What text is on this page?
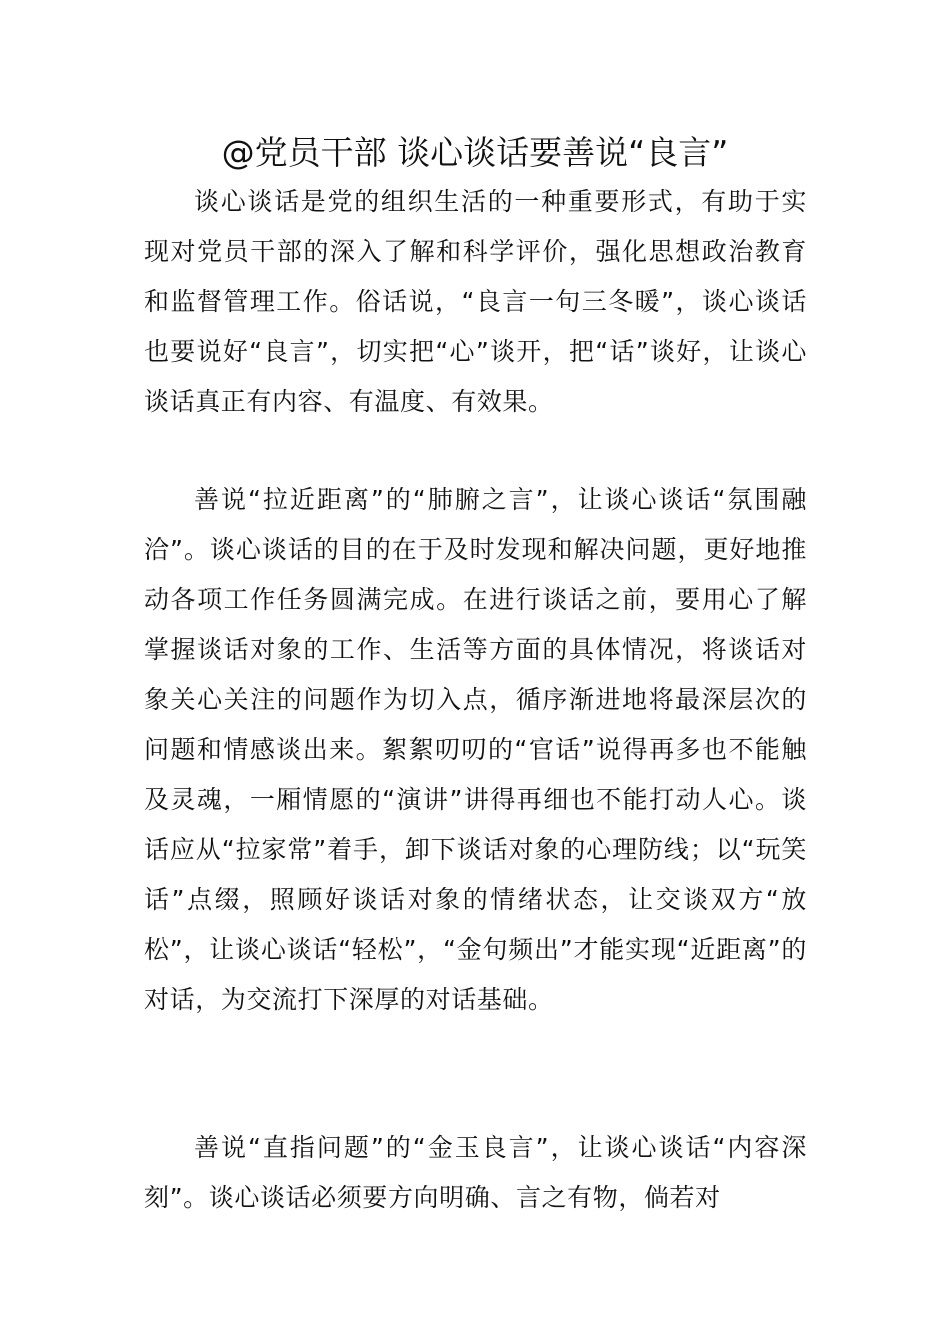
@党员干部 谈心谈话要善说“良言”

谈心谈话是党的组织生活的一种重要形式，有助于实现对党员干部的深入了解和科学评价，强化思想政治教育和监督管理工作。俗话说，“良言一句三冬暖”，谈心谈话也要说好“良言”，切实把“心”谈开，把“话”谈好，让谈心谈话真正有内容、有温度、有效果。

善说“拉近距离”的“肺腑之言”，让谈心谈话“氛围融洽”。谈心谈话的目的在于及时发现和解决问题，更好地推动各项工作任务圆满完成。在进行谈话之前，要用心了解掌握谈话对象的工作、生活等方面的具体情况，将谈话对象关心关注的问题作为切入点，循序渐进地将最深层次的问题和情感谈出来。絮絮叨叨的“官话”说得再多也不能触及灵魂，一厢情愿的“演讲”讲得再细也不能打动人心。谈话应从“拉家常”着手，卸下谈话对象的心理防线；以“玩笑话”点缀，照顾好谈话对象的情绪状态，让交谈双方“放松”，让谈心谈话“轻松”，“金句频出”才能实现“近距离”的对话，为交流打下深厚的对话基础。

善说“直指问题”的“金玉良言”，让谈心谈话“内容深刻”。谈心谈话必须要方向明确、言之有物，倘若对
